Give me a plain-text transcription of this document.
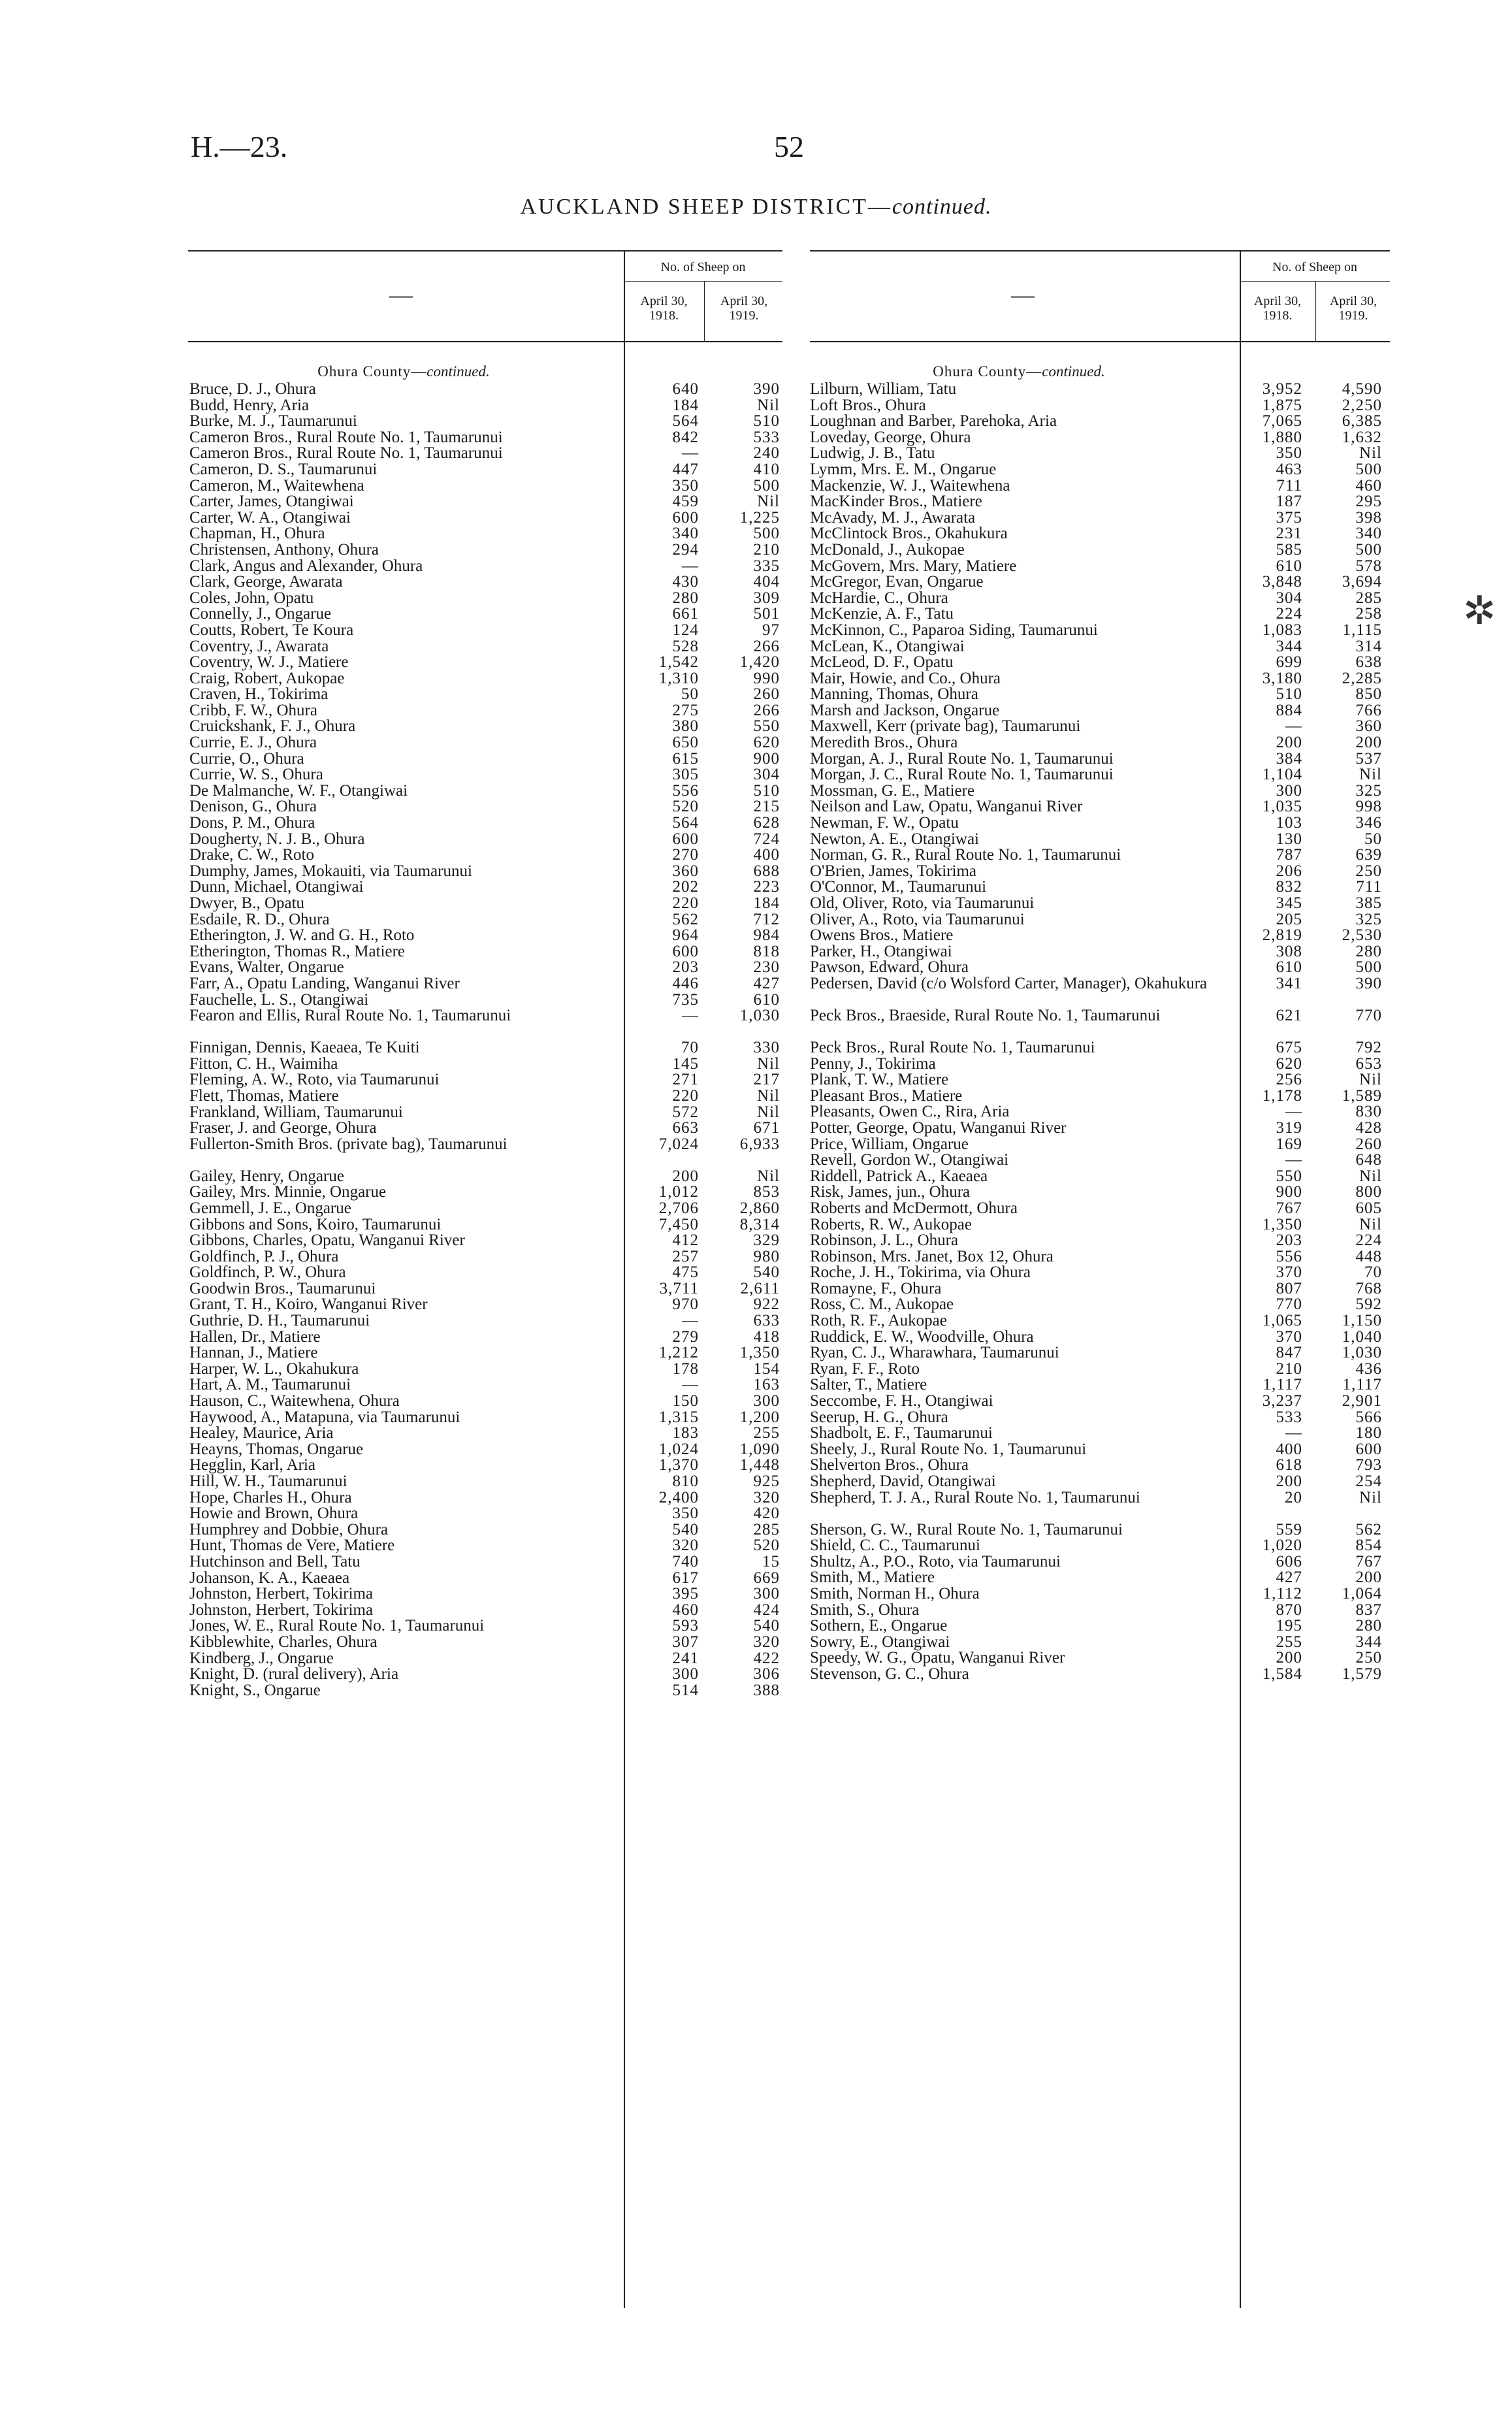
H.—23.	52
AUCKLAND SHEEP DISTRICT—continued.
—
No. of Sheep on
April 30,
1918.
April 30,
1919.
—
No. of Sheep on
April 30,
1918.
April 30,
1919.
Ohura County—continued.	Ohura County—continued.
Bruce, D. J., Ohura	640	390
Budd, Henry, Aria	184	Nil
Burke, M. J., Taumarunui	564	510
Cameron Bros., Rural Route No. 1, Taumarunui	842	533
Cameron Bros., Rural Route No. 1, Taumarunui	—	240
Cameron, D. S., Taumarunui	447	410
Cameron, M., Waitewhena	350	500
Carter, James, Otangiwai	459	Nil
Carter, W. A., Otangiwai	600	1,225
Chapman, H., Ohura	340	500
Christensen, Anthony, Ohura	294	210
Clark, Angus and Alexander, Ohura	—	335
Clark, George, Awarata	430	404
Coles, John, Opatu	280	309
Connelly, J., Ongarue	661	501
Coutts, Robert, Te Koura	124	97
Coventry, J., Awarata	528	266
Coventry, W. J., Matiere	1,542	1,420
Craig, Robert, Aukopae	1,310	990
Craven, H., Tokirima	50	260
Cribb, F. W., Ohura	275	266
Cruickshank, F. J., Ohura	380	550
Currie, E. J., Ohura	650	620
Currie, O., Ohura	615	900
Currie, W. S., Ohura	305	304
De Malmanche, W. F., Otangiwai	556	510
Denison, G., Ohura	520	215
Dons, P. M., Ohura	564	628
Dougherty, N. J. B., Ohura	600	724
Drake, C. W., Roto	270	400
Dumphy, James, Mokauiti, via Taumarunui	360	688
Dunn, Michael, Otangiwai	202	223
Dwyer, B., Opatu	220	184
Esdaile, R. D., Ohura	562	712
Etherington, J. W. and G. H., Roto	964	984
Etherington, Thomas R., Matiere	600	818
Evans, Walter, Ongarue	203	230
Farr, A., Opatu Landing, Wanganui River	446	427
Fauchelle, L. S., Otangiwai	735	610
Fearon and Ellis, Rural Route No. 1, Taumarunui	—	1,030
Finnigan, Dennis, Kaeaea, Te Kuiti	70	330
Fitton, C. H., Waimiha	145	Nil
Fleming, A. W., Roto, via Taumarunui	271	217
Flett, Thomas, Matiere	220	Nil
Frankland, William, Taumarunui	572	Nil
Fraser, J. and George, Ohura	663	671
Fullerton-Smith Bros. (private bag), Taumarunui	7,024	6,933
Gailey, Henry, Ongarue	200	Nil
Gailey, Mrs. Minnie, Ongarue	1,012	853
Gemmell, J. E., Ongarue	2,706	2,860
Gibbons and Sons, Koiro, Taumarunui	7,450	8,314
Gibbons, Charles, Opatu, Wanganui River	412	329
Goldfinch, P. J., Ohura	257	980
Goldfinch, P. W., Ohura	475	540
Goodwin Bros., Taumarunui	3,711	2,611
Grant, T. H., Koiro, Wanganui River	970	922
Guthrie, D. H., Taumarunui	—	633
Hallen, Dr., Matiere	279	418
Hannan, J., Matiere	1,212	1,350
Harper, W. L., Okahukura	178	154
Hart, A. M., Taumarunui	—	163
Hauson, C., Waitewhena, Ohura	150	300
Haywood, A., Matapuna, via Taumarunui	1,315	1,200
Healey, Maurice, Aria	183	255
Heayns, Thomas, Ongarue	1,024	1,090
Hegglin, Karl, Aria	1,370	1,448
Hill, W. H., Taumarunui	810	925
Hope, Charles H., Ohura	2,400	320
Howie and Brown, Ohura	350	420
Humphrey and Dobbie, Ohura	540	285
Hunt, Thomas de Vere, Matiere	320	520
Hutchinson and Bell, Tatu	740	15
Johanson, K. A., Kaeaea	617	669
Johnston, Herbert, Tokirima	395	300
Johnston, Herbert, Tokirima	460	424
Jones, W. E., Rural Route No. 1, Taumarunui	593	540
Kibblewhite, Charles, Ohura	307	320
Kindberg, J., Ongarue	241	422
Knight, D. (rural delivery), Aria	300	306
Knight, S., Ongarue	514	388
Lilburn, William, Tatu	3,952	4,590
Loft Bros., Ohura	1,875	2,250
Loughnan and Barber, Parehoka, Aria	7,065	6,385
Loveday, George, Ohura	1,880	1,632
Ludwig, J. B., Tatu	350	Nil
Lymm, Mrs. E. M., Ongarue	463	500
Mackenzie, W. J., Waitewhena	711	460
MacKinder Bros., Matiere	187	295
McAvady, M. J., Awarata	375	398
McClintock Bros., Okahukura	231	340
McDonald, J., Aukopae	585	500
McGovern, Mrs. Mary, Matiere	610	578
McGregor, Evan, Ongarue	3,848	3,694
McHardie, C., Ohura	304	285
McKenzie, A. F., Tatu	224	258
McKinnon, C., Paparoa Siding, Taumarunui	1,083	1,115
McLean, K., Otangiwai	344	314
McLeod, D. F., Opatu	699	638
Mair, Howie, and Co., Ohura	3,180	2,285
Manning, Thomas, Ohura	510	850
Marsh and Jackson, Ongarue	884	766
Maxwell, Kerr (private bag), Taumarunui	—	360
Meredith Bros., Ohura	200	200
Morgan, A. J., Rural Route No. 1, Taumarunui	384	537
Morgan, J. C., Rural Route No. 1, Taumarunui	1,104	Nil
Mossman, G. E., Matiere	300	325
Neilson and Law, Opatu, Wanganui River	1,035	998
Newman, F. W., Opatu	103	346
Newton, A. E., Otangiwai	130	50
Norman, G. R., Rural Route No. 1, Taumarunui	787	639
O'Brien, James, Tokirima	206	250
O'Connor, M., Taumarunui	832	711
Old, Oliver, Roto, via Taumarunui	345	385
Oliver, A., Roto, via Taumarunui	205	325
Owens Bros., Matiere	2,819	2,530
Parker, H., Otangiwai	308	280
Pawson, Edward, Ohura	610	500
Pedersen, David (c/o Wolsford Carter, Manager), Okahukura	341	390
Peck Bros., Braeside, Rural Route No. 1, Taumarunui	621	770
Peck Bros., Rural Route No. 1, Taumarunui	675	792
Penny, J., Tokirima	620	653
Plank, T. W., Matiere	256	Nil
Pleasant Bros., Matiere	1,178	1,589
Pleasants, Owen C., Rira, Aria	—	830
Potter, George, Opatu, Wanganui River	319	428
Price, William, Ongarue	169	260
Revell, Gordon W., Otangiwai	—	648
Riddell, Patrick A., Kaeaea	550	Nil
Risk, James, jun., Ohura	900	800
Roberts and McDermott, Ohura	767	605
Roberts, R. W., Aukopae	1,350	Nil
Robinson, J. L., Ohura	203	224
Robinson, Mrs. Janet, Box 12, Ohura	556	448
Roche, J. H., Tokirima, via Ohura	370	70
Romayne, F., Ohura	807	768
Ross, C. M., Aukopae	770	592
Roth, R. F., Aukopae	1,065	1,150
Ruddick, E. W., Woodville, Ohura	370	1,040
Ryan, C. J., Wharawhara, Taumarunui	847	1,030
Ryan, F. F., Roto	210	436
Salter, T., Matiere	1,117	1,117
Seccombe, F. H., Otangiwai	3,237	2,901
Seerup, H. G., Ohura	533	566
Shadbolt, E. F., Taumarunui	—	180
Sheely, J., Rural Route No. 1, Taumarunui	400	600
Shelverton Bros., Ohura	618	793
Shepherd, David, Otangiwai	200	254
Shepherd, T. J. A., Rural Route No. 1, Taumarunui	20	Nil
Sherson, G. W., Rural Route No. 1, Taumarunui	559	562
Shield, C. C., Taumarunui	1,020	854
Shultz, A., P.O., Roto, via Taumarunui	606	767
Smith, M., Matiere	427	200
Smith, Norman H., Ohura	1,112	1,064
Smith, S., Ohura	870	837
Sothern, E., Ongarue	195	280
Sowry, E., Otangiwai	255	344
Speedy, W. G., Opatu, Wanganui River	200	250
Stevenson, G. C., Ohura	1,584	1,579
✲
